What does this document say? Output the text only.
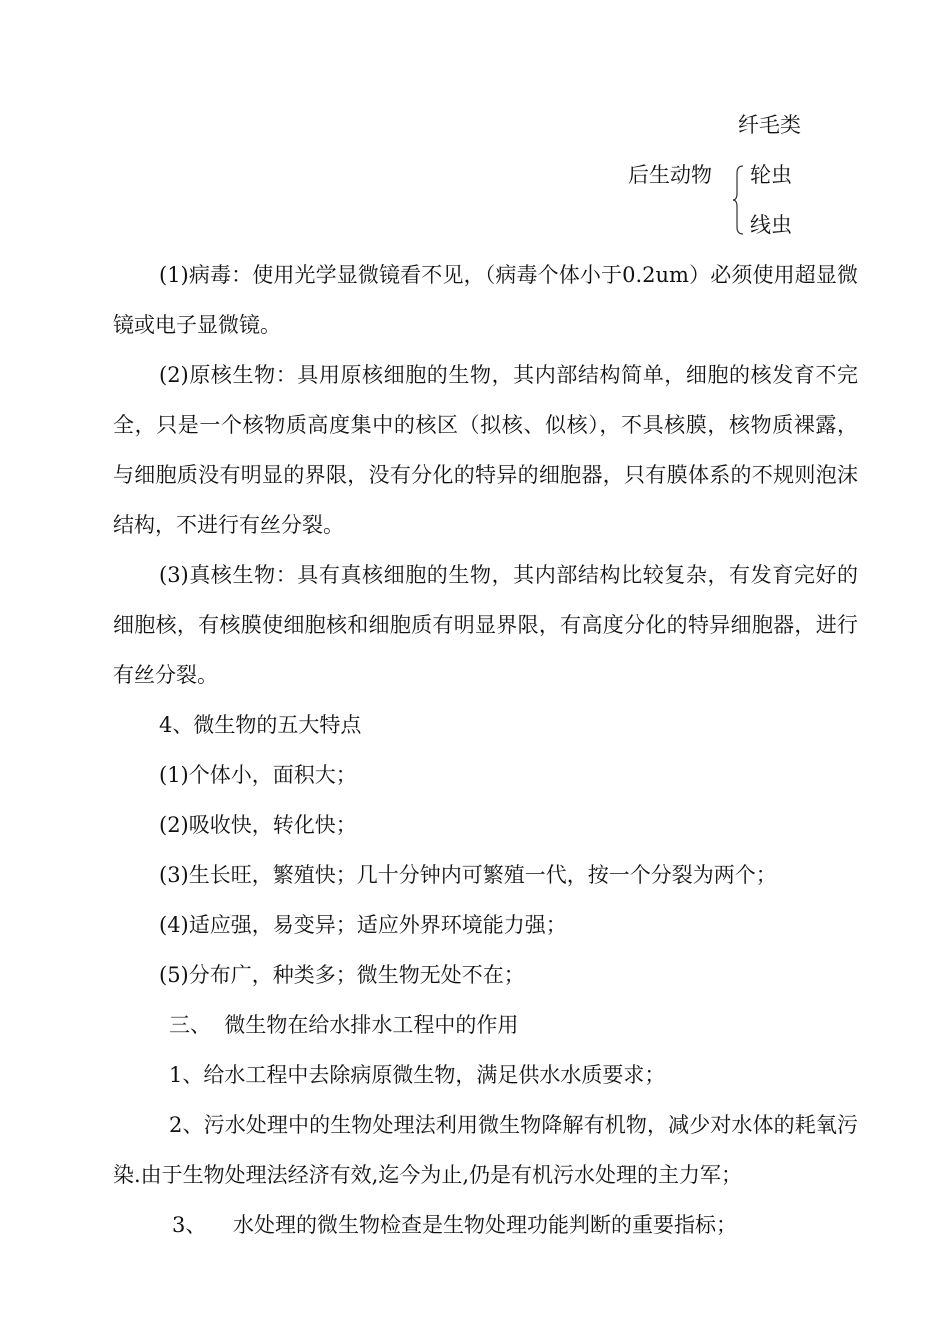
纤毛类

后生动物 轮虫

线虫

(1)病毒：使用光学显微镜看不见，（病毒个体小于0.2um）必须使用超显微镜或电子显微镜。

(2)原核生物：具用原核细胞的生物，其内部结构简单，细胞的核发育不完全，只是一个核物质高度集中的核区（拟核、似核），不具核膜，核物质裸露，与细胞质没有明显的界限，没有分化的特异的细胞器，只有膜体系的不规则泡沫结构，不进行有丝分裂。

(3)真核生物：具有真核细胞的生物，其内部结构比较复杂，有发育完好的细胞核，有核膜使细胞核和细胞质有明显界限，有高度分化的特异细胞器，进行有丝分裂。

4、微生物的五大特点

(1)个体小，面积大；

(2)吸收快，转化快；

(3)生长旺，繁殖快；几十分钟内可繁殖一代，按一个分裂为两个；

(4)适应强，易变异；适应外界环境能力强；

(5)分布广，种类多；微生物无处不在；

三、  微生物在给水排水工程中的作用

1、给水工程中去除病原微生物，满足供水水质要求；

2、污水处理中的生物处理法利用微生物降解有机物，减少对水体的耗氧污染.由于生物处理法经济有效,迄今为止,仍是有机污水处理的主力军；

3、    水处理的微生物检查是生物处理功能判断的重要指标；
